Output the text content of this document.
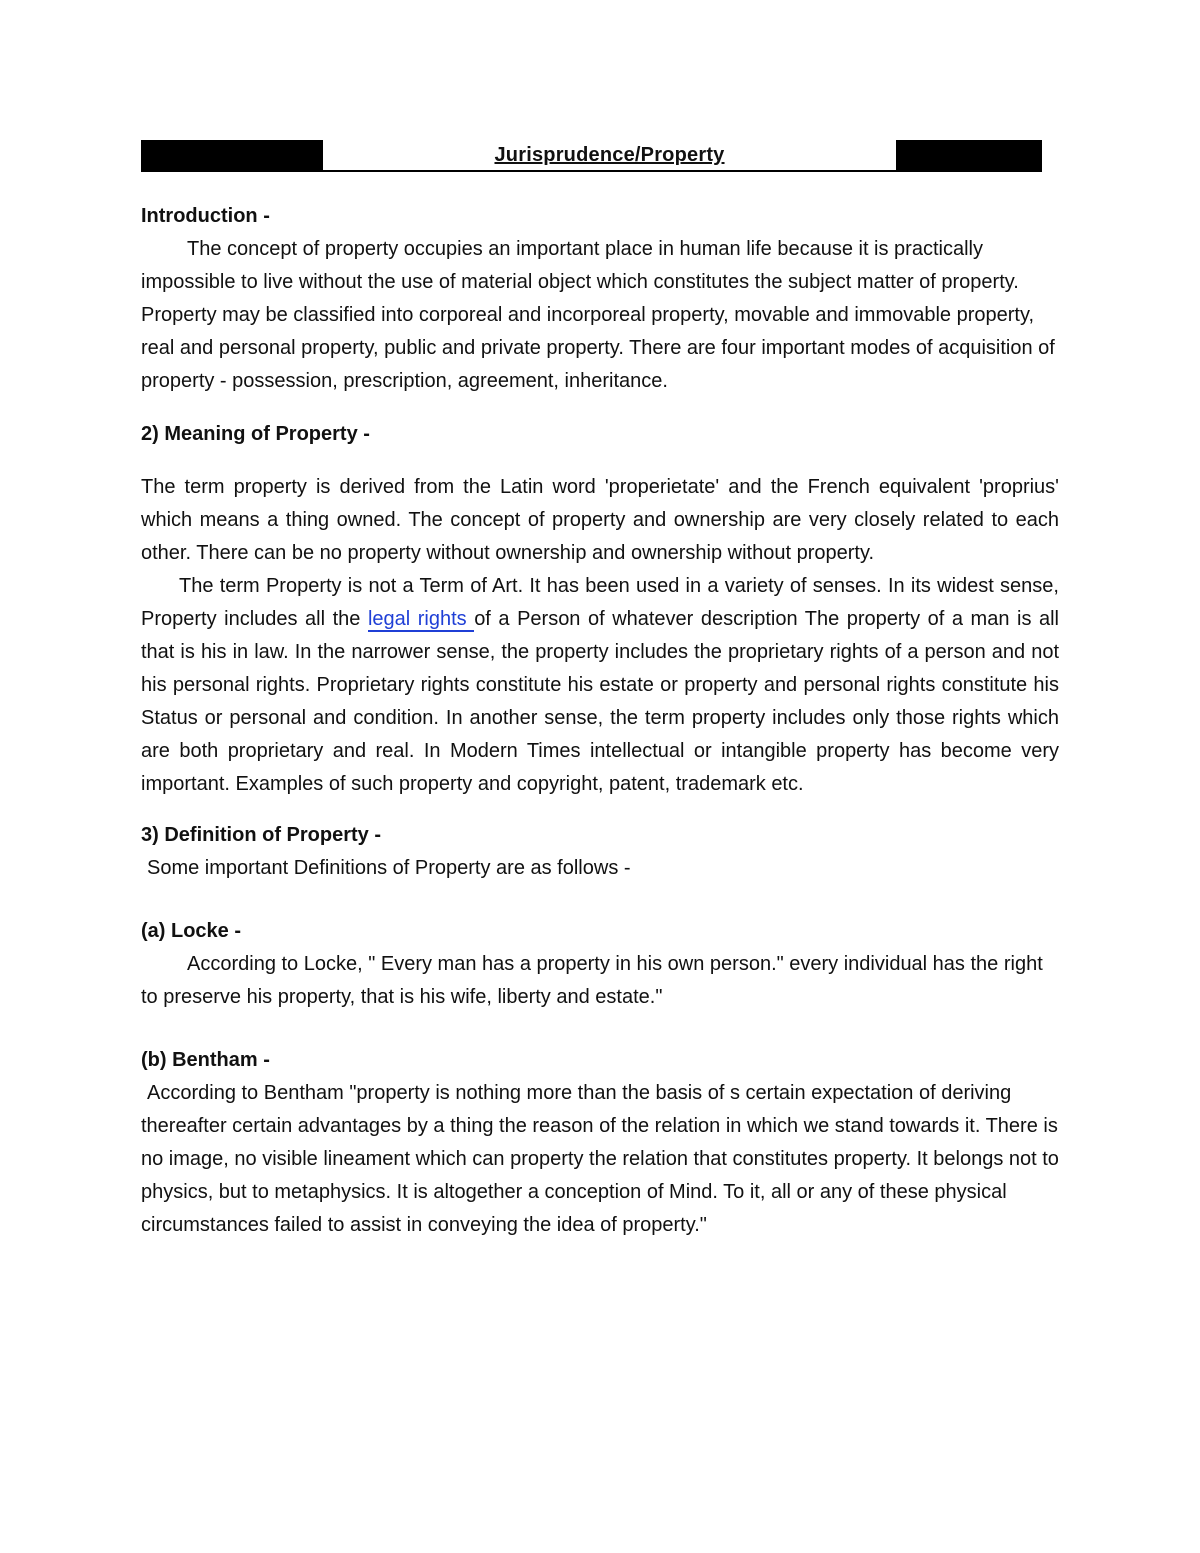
Jurisprudence/Property

Introduction -

The concept of property occupies an important place in human life because it is practically impossible to live without the use of material object which constitutes the subject matter of property. Property may be classified into corporeal and incorporeal property, movable and immovable property, real and personal property, public and private property. There are four important modes of acquisition of property - possession, prescription, agreement, inheritance.

2) Meaning of Property -

The term property is derived from the Latin word 'properietate' and the French equivalent 'proprius' which means a thing owned. The concept of property and ownership are very closely related to each other. There can be no property without ownership and ownership without property.

The term Property is not a Term of Art. It has been used in a variety of senses. In its widest sense, Property includes all the legal rights of a Person of whatever description The property of a man is all that is his in law. In the narrower sense, the property includes the proprietary rights of a person and not his personal rights. Proprietary rights constitute his estate or property and personal rights constitute his Status or personal and condition. In another sense, the term property includes only those rights which are both proprietary and real. In Modern Times intellectual or intangible property has become very important. Examples of such property and copyright, patent, trademark etc.

3) Definition of Property -

Some important Definitions of Property are as follows -

(a) Locke -

According to Locke, " Every man has a property in his own person." every individual has the right to preserve his property, that is his wife, liberty and estate."

(b) Bentham -

According to Bentham "property is nothing more than the basis of s certain expectation of deriving thereafter certain advantages by a thing the reason of the relation in which we stand towards it. There is no image, no visible lineament which can property the relation that constitutes property. It belongs not to physics, but to metaphysics. It is altogether a conception of Mind. To it, all or any of these physical circumstances failed to assist in conveying the idea of property."
